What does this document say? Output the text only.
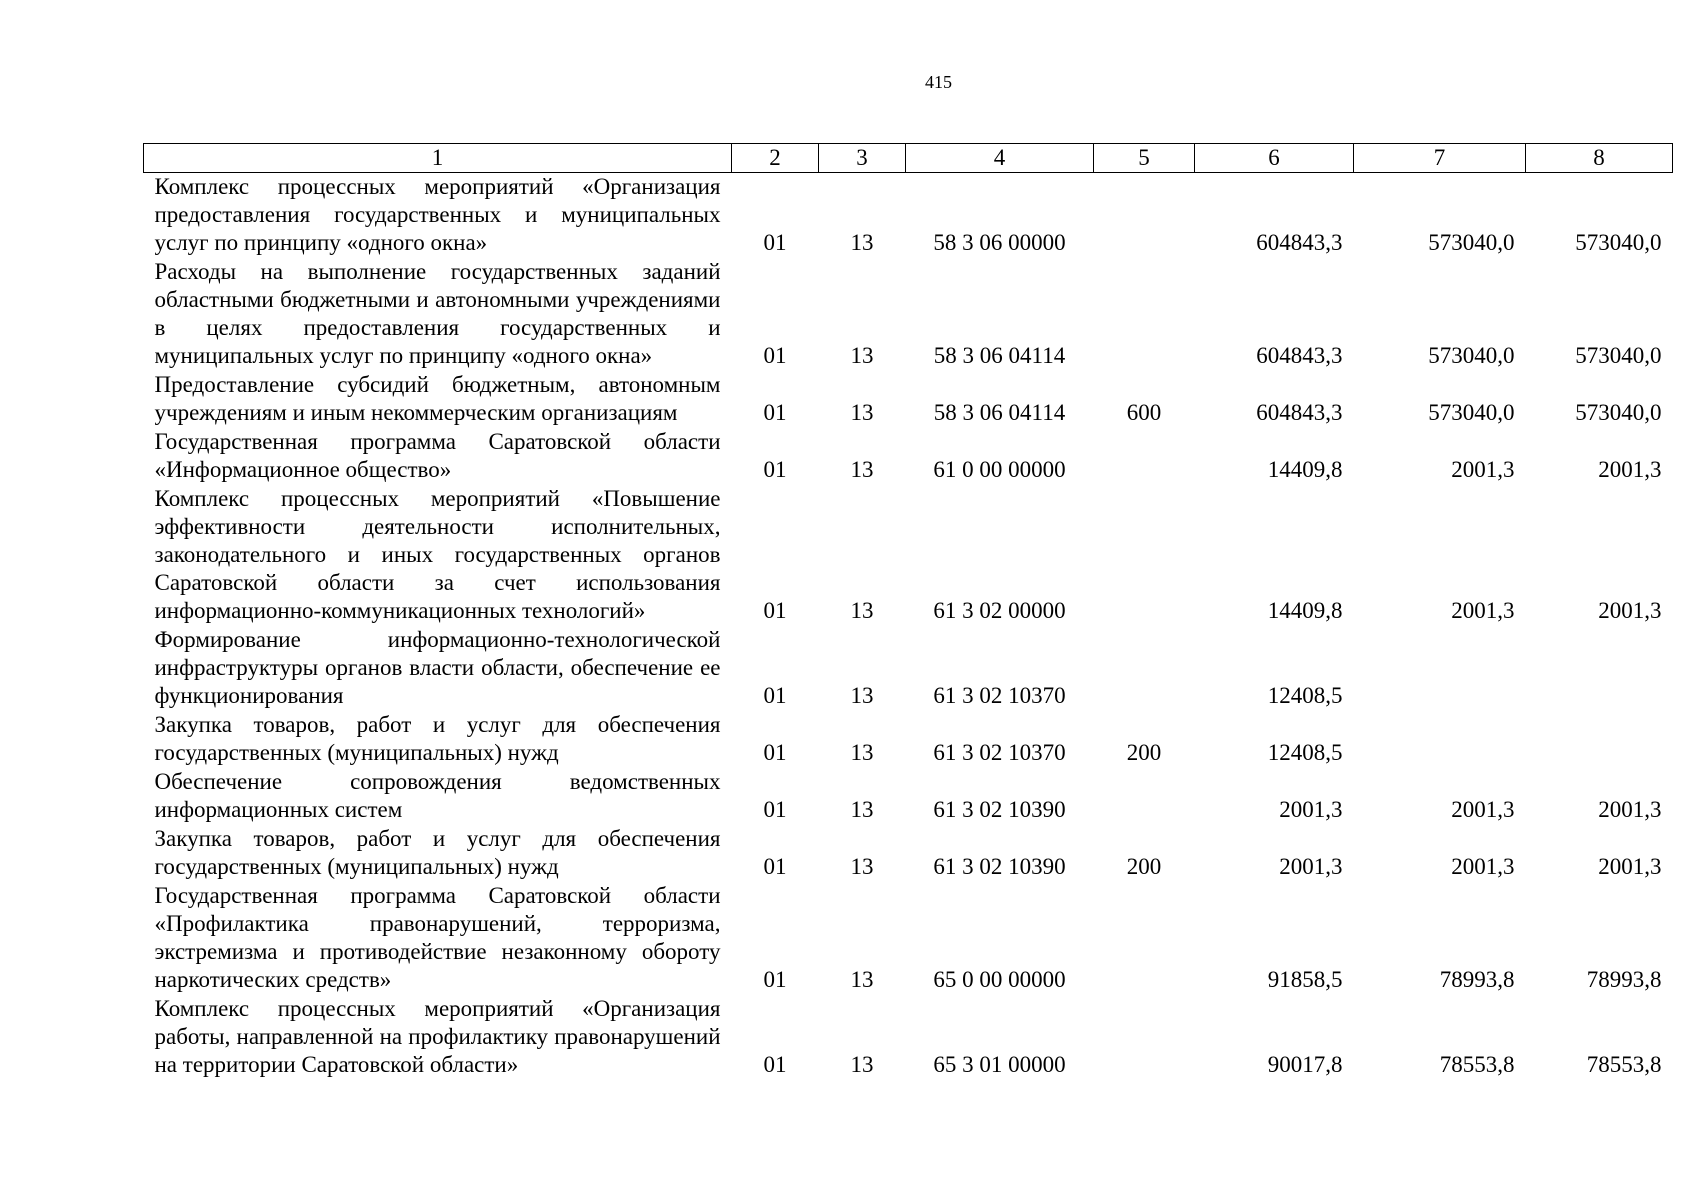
415
1	2	3	4	5	6	7	8
Комплекс процессных мероприятий «Организация предоставления государственных и муниципальных услуг по принципу «одного окна»	01	13	58 3 06 00000		604843,3	573040,0	573040,0
Расходы на выполнение государственных заданий областными бюджетными и автономными учреждениями в целях предоставления государственных и муниципальных услуг по принципу «одного окна»	01	13	58 3 06 04114		604843,3	573040,0	573040,0
Предоставление субсидий бюджетным, автономным учреждениям и иным некоммерческим организациям	01	13	58 3 06 04114	600	604843,3	573040,0	573040,0
Государственная программа Саратовской области «Информационное общество»	01	13	61 0 00 00000		14409,8	2001,3	2001,3
Комплекс процессных мероприятий «Повышение эффективности деятельности исполнительных, законодательного и иных государственных органов Саратовской области за счет использования информационно-коммуникационных технологий»	01	13	61 3 02 00000		14409,8	2001,3	2001,3
Формирование информационно-технологической инфраструктуры органов власти области, обеспечение ее функционирования	01	13	61 3 02 10370		12408,5		
Закупка товаров, работ и услуг для обеспечения государственных (муниципальных) нужд	01	13	61 3 02 10370	200	12408,5		
Обеспечение сопровождения ведомственных информационных систем	01	13	61 3 02 10390		2001,3	2001,3	2001,3
Закупка товаров, работ и услуг для обеспечения государственных (муниципальных) нужд	01	13	61 3 02 10390	200	2001,3	2001,3	2001,3
Государственная программа Саратовской области «Профилактика правонарушений, терроризма, экстремизма и противодействие незаконному обороту наркотических средств»	01	13	65 0 00 00000		91858,5	78993,8	78993,8
Комплекс процессных мероприятий «Организация работы, направленной на профилактику правонарушений на территории Саратовской области»	01	13	65 3 01 00000		90017,8	78553,8	78553,8
